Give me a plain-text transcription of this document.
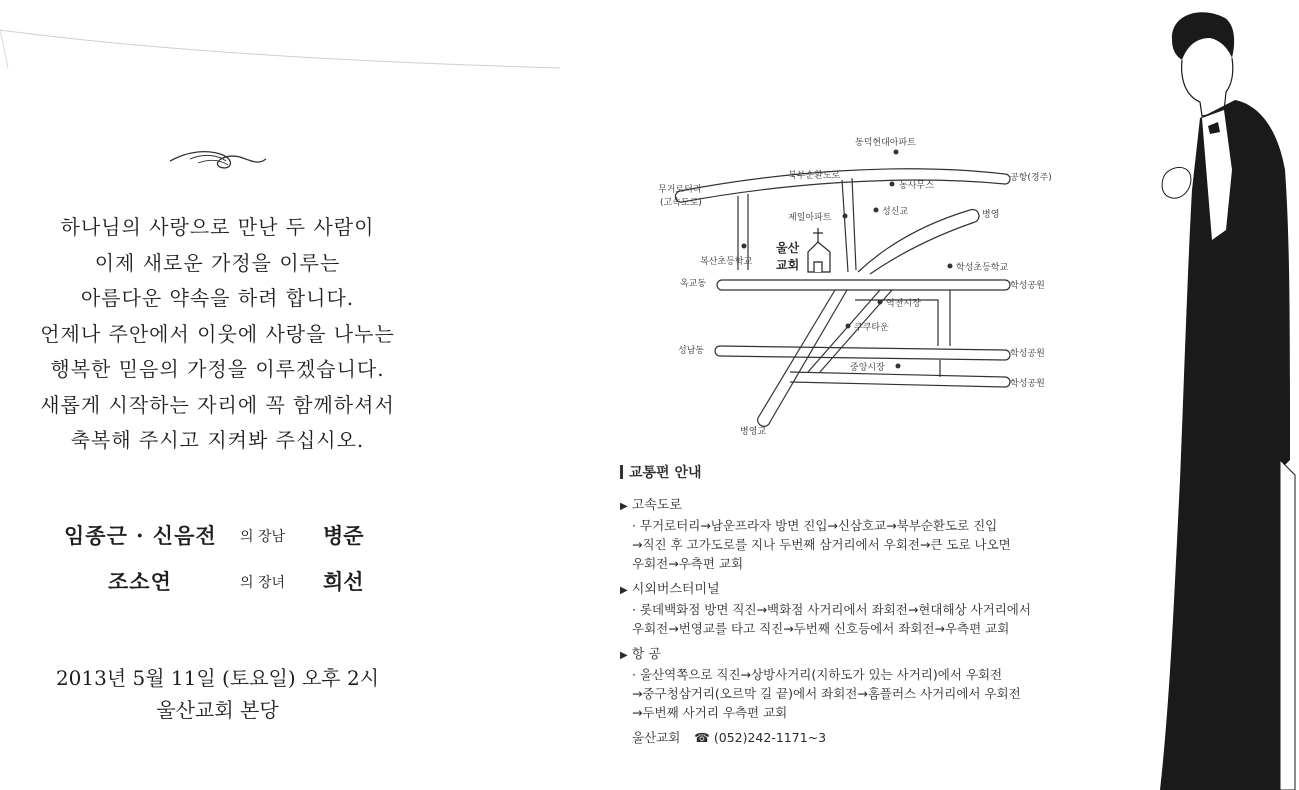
하나님의 사랑으로 만난 두 사람이
이제 새로운 가정을 이루는
아름다운 약속을 하려 합니다.
언제나 주안에서 이웃에 사랑을 나누는
행복한 믿음의 가정을 이루겠습니다.
새롭게 시작하는 자리에 꼭 함께하셔서
축복해 주시고 지켜봐 주십시오.
임종근 · 신음전 의 장남 병준
조소연	의 장녀 희선
2013년 5월 11일 (토요일) 오후 2시
울산교회 본당
동덕현대아파트
북부순환도로	공항(경주)
무거로터리
(고속도로)
농사무스
제일아파트
성신교	병영
복산초등학교
울산
교회	학성초등학교
옥교동	학성공원
역전시장
쿠쿠타운
성남동	학성공원
중앙시장
학성공원
병영교
교통편 안내
▶ 고속도로
· 무거로터리→남운프라자 방면 진입→신삼호교→북부순환도로 진입
→직진 후 고가도로를 지나 두번째 삼거리에서 우회전→큰 도로 나오면
우회전→우측편 교회
▶ 시외버스터미널
· 롯데백화점 방면 직진→백화점 사거리에서 좌회전→현대해상 사거리에서
우회전→번영교를 타고 직진→두번째 신호등에서 좌회전→우측편 교회
▶ 항 공
· 울산역쪽으로 직진→상방사거리(지하도가 있는 사거리)에서 우회전
→중구청삼거리(오르막 길 끝)에서 좌회전→홈플러스 사거리에서 우회전
→두번째 사거리 우측편 교회
울산교회 ☎ (052)242-1171~3
